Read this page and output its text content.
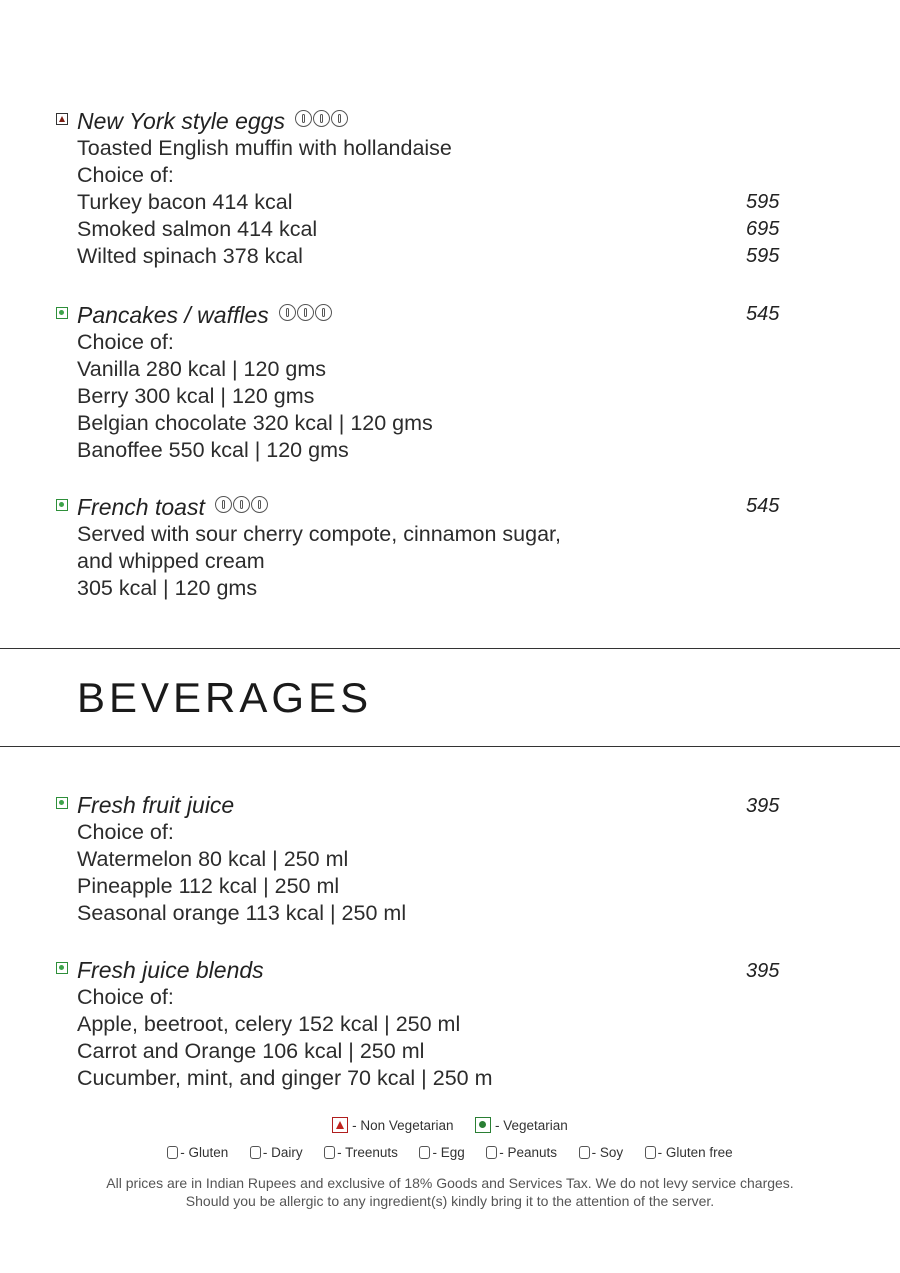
New York style eggs
Toasted English muffin with hollandaise
Choice of:
Turkey bacon 414 kcal	595
Smoked salmon 414 kcal	695
Wilted spinach 378 kcal	595
Pancakes / waffles	545
Choice of:
Vanilla 280 kcal | 120 gms
Berry 300 kcal | 120 gms
Belgian chocolate 320 kcal | 120 gms
Banoffee 550 kcal | 120 gms
French toast	545
Served with sour cherry compote, cinnamon sugar,
and whipped cream
305 kcal | 120 gms
BEVERAGES
Fresh fruit juice	395
Choice of:
Watermelon 80 kcal | 250 ml
Pineapple 112 kcal | 250 ml
Seasonal orange 113 kcal | 250 ml
Fresh juice blends	395
Choice of:
Apple, beetroot, celery 152 kcal | 250 ml
Carrot and Orange 106 kcal | 250 ml
Cucumber, mint, and ginger 70 kcal | 250 m
- Non Vegetarian	- Vegetarian
- Gluten	- Dairy	- Treenuts	- Egg	- Peanuts	- Soy	- Gluten free
All prices are in Indian Rupees and exclusive of 18% Goods and Services Tax. We do not levy service charges.
Should you be allergic to any ingredient(s) kindly bring it to the attention of the server.
